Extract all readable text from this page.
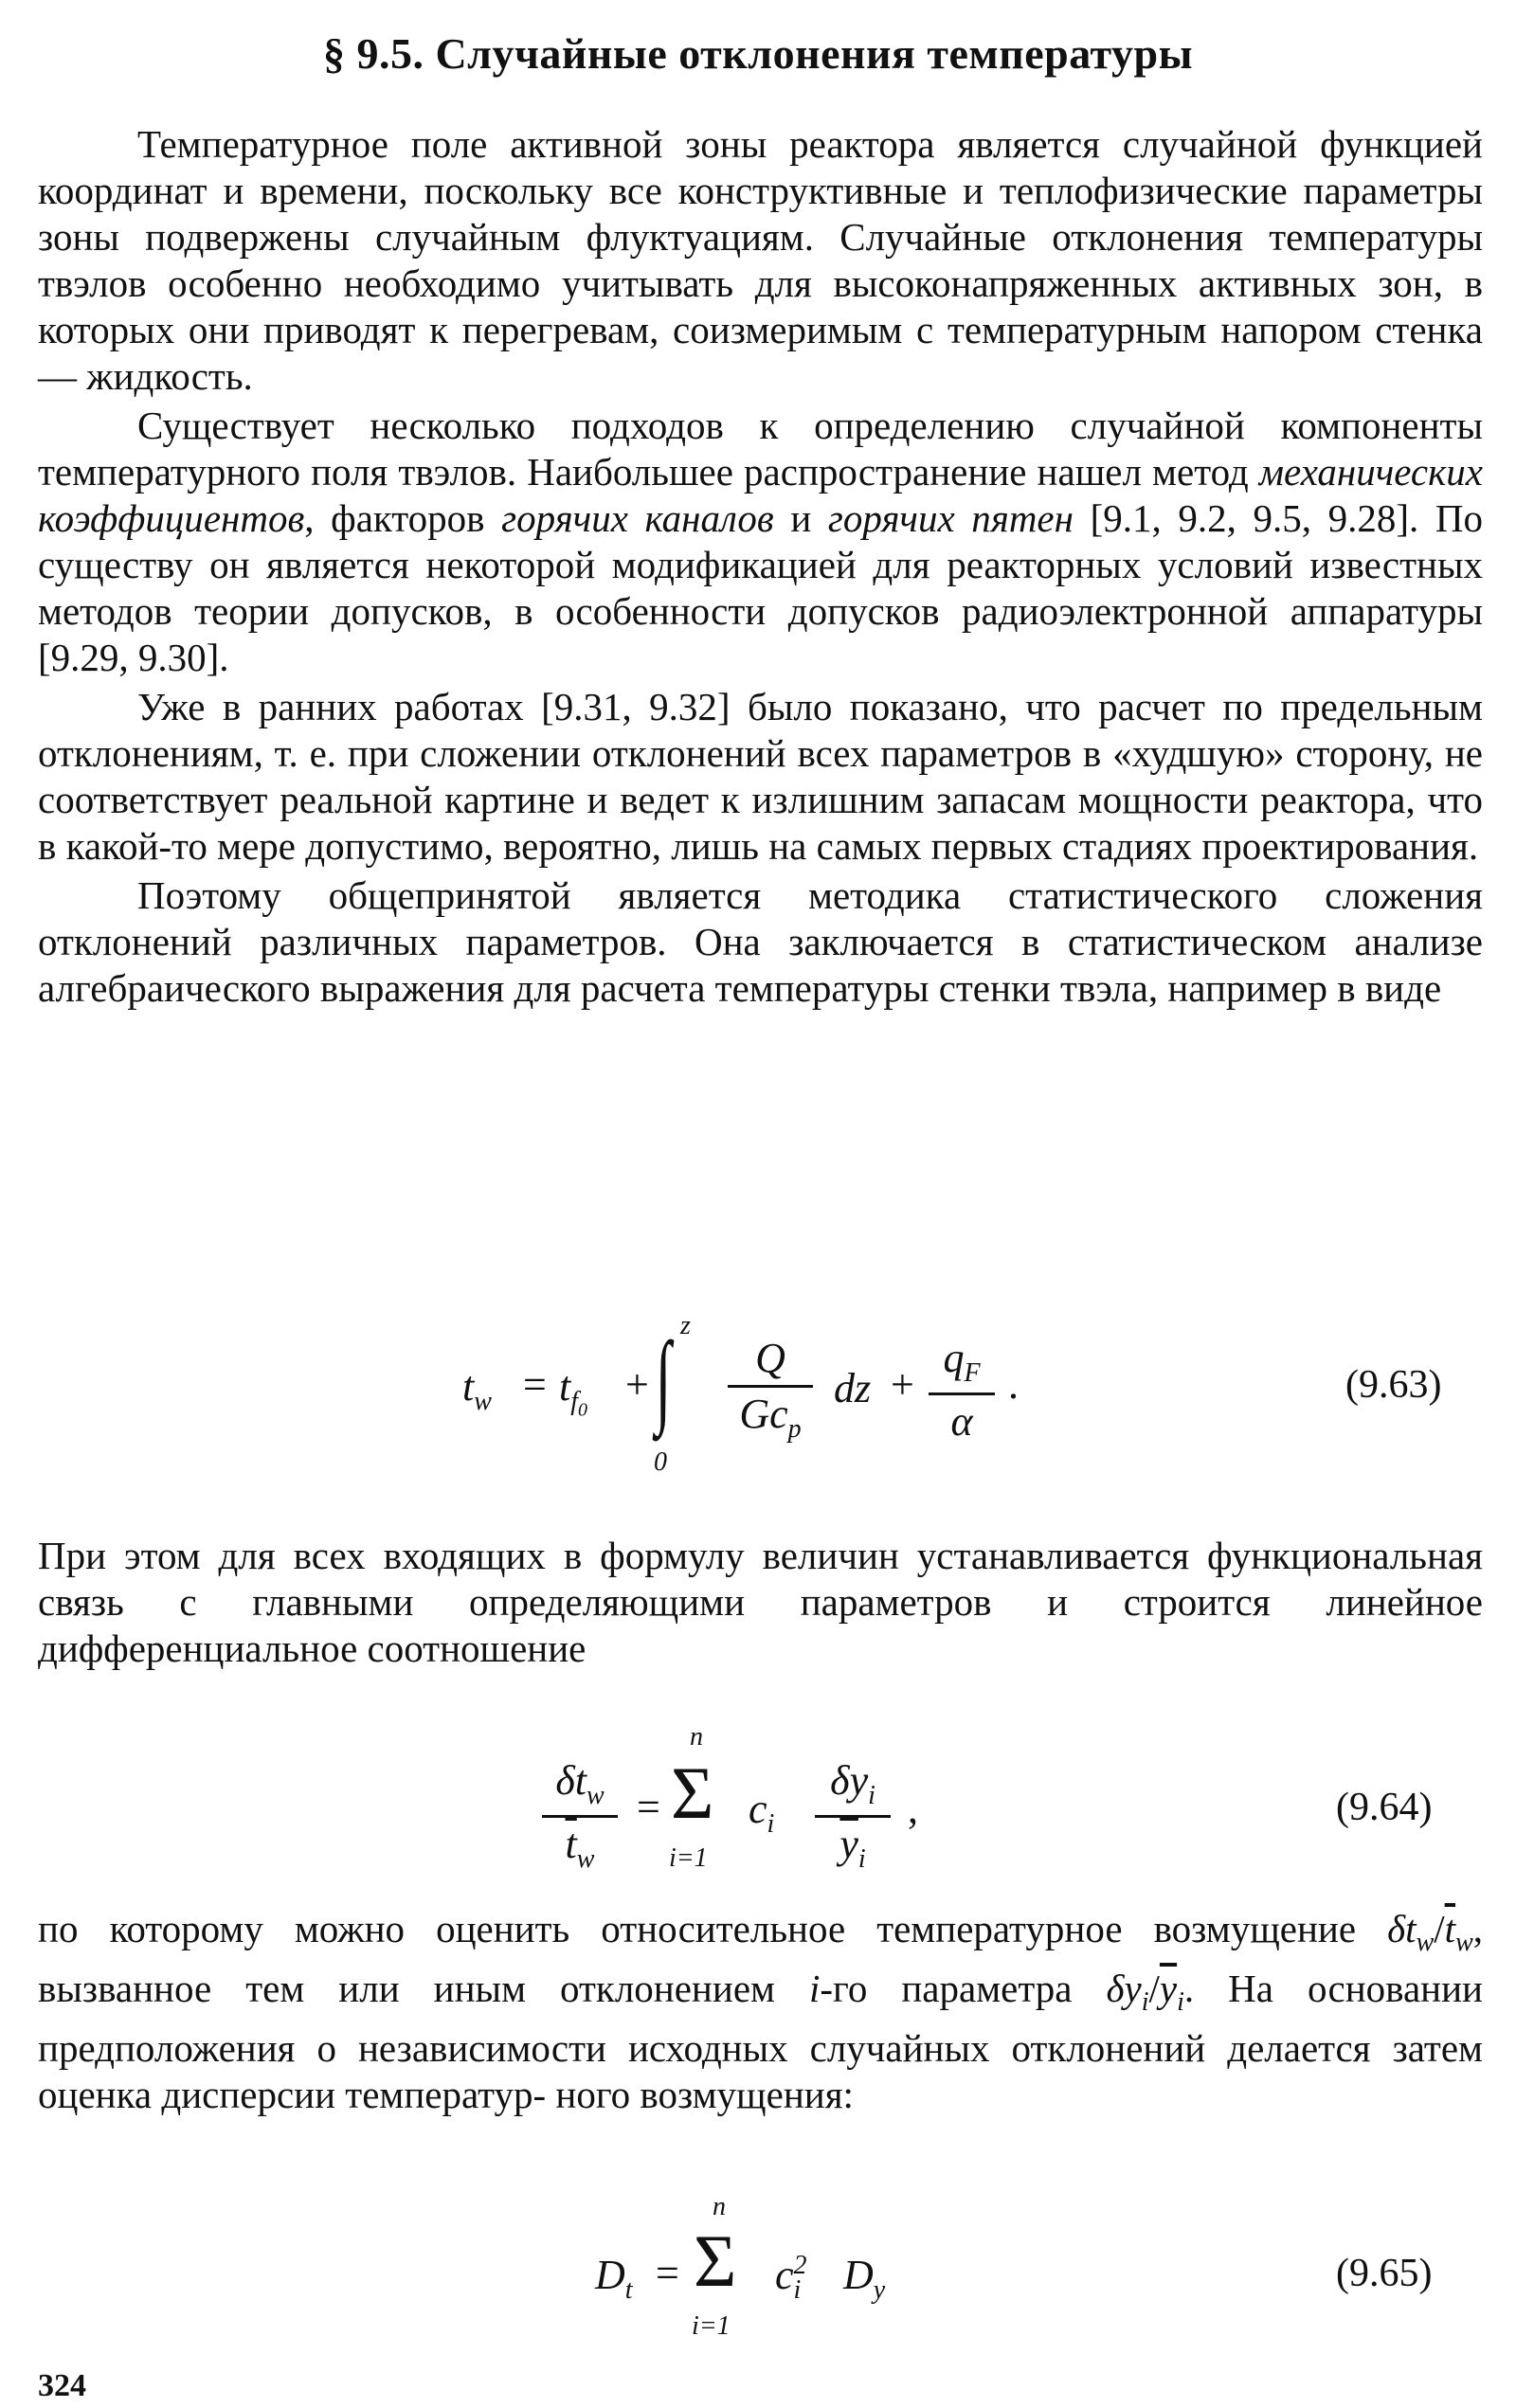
§ 9.5. Случайные отклонения температуры

Температурное поле активной зоны реактора является случайной функцией координат и времени, поскольку все конструктивные и теплофизические параметры зоны подвержены случайным флуктуациям. Случайные отклонения температуры твэлов особенно необходимо учитывать для высоконапряженных активных зон, в которых они приводят к перегревам, соизмеримым с температурным напором стенка — жидкость.

Существует несколько подходов к определению случайной компоненты температурного поля твэлов. Наибольшее распространение нашел метод механических коэффициентов, факторов горячих каналов и горячих пятен [9.1, 9.2, 9.5, 9.28]. По существу он является некоторой модификацией для реакторных условий известных методов теории допусков, в особенности допусков радиоэлектронной аппаратуры [9.29, 9.30].

Уже в ранних работах [9.31, 9.32] было показано, что расчет по предельным отклонениям, т. е. при сложении отклонений всех параметров в «худшую» сторону, не соответствует реальной картине и ведет к излишним запасам мощности реактора, что в какой-то мере допустимо, вероятно, лишь на самых первых стадиях проектирования.

Поэтому общепринятой является методика статистического сложения отклонений различных параметров. Она заключается в статистическом анализе алгебраического выражения для расчета температуры стенки твэла, например в виде

$t_w = t_{f_0}$
+
z
∫
0
Q
$Gc_p$
dz +
$q_F$
α
.	(9.63)

При этом для всех входящих в формулу величин устанавливается функциональная связь с главными определяющими параметров и строится линейное дифференциальное соотношение

$\delta t_w$
$\overline{t}_w$
=
n
Σ
i=1
$c_i$
$\delta y_i$
$\overline{y}_i$
,	(9.64)

по которому можно оценить относительное температурное возмущение $\delta t_w/\overline{t}_w$, вызванное тем или иным отклонением i-го параметра $\delta y_i/\overline{y}_i$. На основании предположения о независимости исходных случайных отклонений делается затем оценка дисперсии температур- ного возмущения:

$D_t$ =
n
Σ
i=1
$c^2_i$ $D_y$	(9.65)
324
